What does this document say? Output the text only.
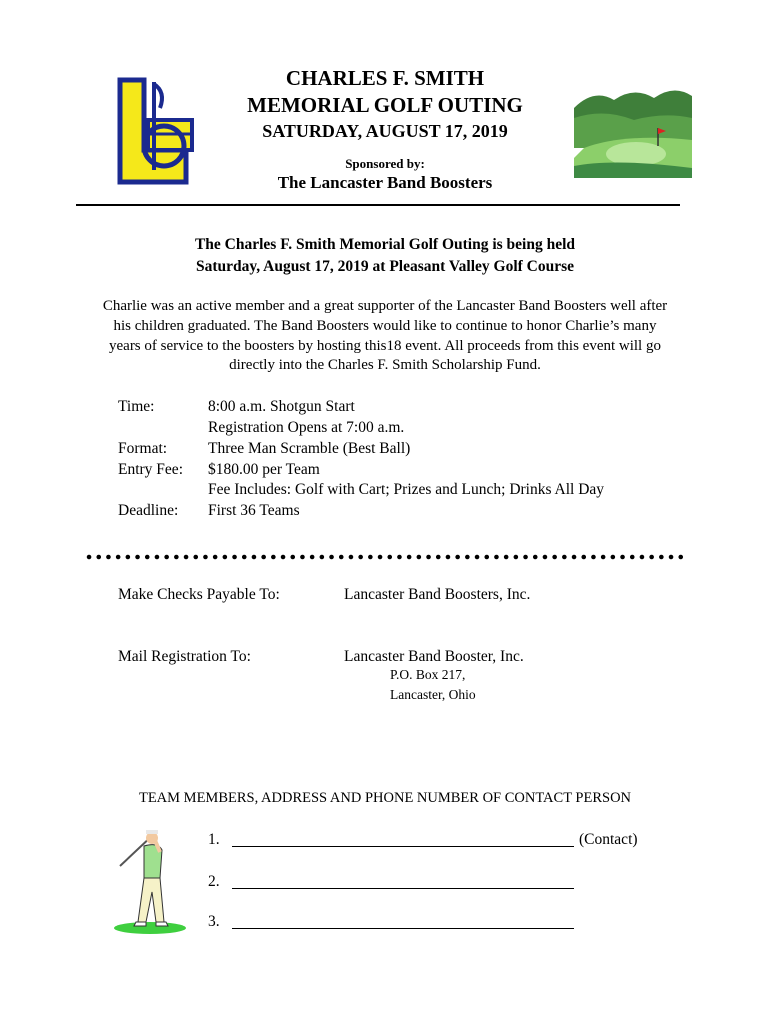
CHARLES F. SMITH
MEMORIAL GOLF OUTING
SATURDAY, AUGUST 17, 2019
Sponsored by:
The Lancaster Band Boosters
The Charles F. Smith Memorial Golf Outing is being held
Saturday, August 17, 2019 at Pleasant Valley Golf Course
Charlie was an active member and a great supporter of the Lancaster Band Boosters well after
his children graduated. The Band Boosters would like to continue to honor Charlie’s many
years of service to the boosters by hosting this18 event. All proceeds from this event will go
directly into the Charles F. Smith Scholarship Fund.
Time:	8:00 a.m. Shotgun Start
Registration Opens at 7:00 a.m.
Format:	Three Man Scramble (Best Ball)
Entry Fee: $180.00 per Team
Fee Includes: Golf with Cart; Prizes and Lunch; Drinks All Day
Deadline: First 36 Teams
Make Checks Payable To:	Lancaster Band Boosters, Inc.
Mail Registration To:	Lancaster Band Booster, Inc.
P.O. Box 217,
Lancaster, Ohio
TEAM MEMBERS, ADDRESS AND PHONE NUMBER OF CONTACT PERSON
1.	(Contact)
2.
3.
